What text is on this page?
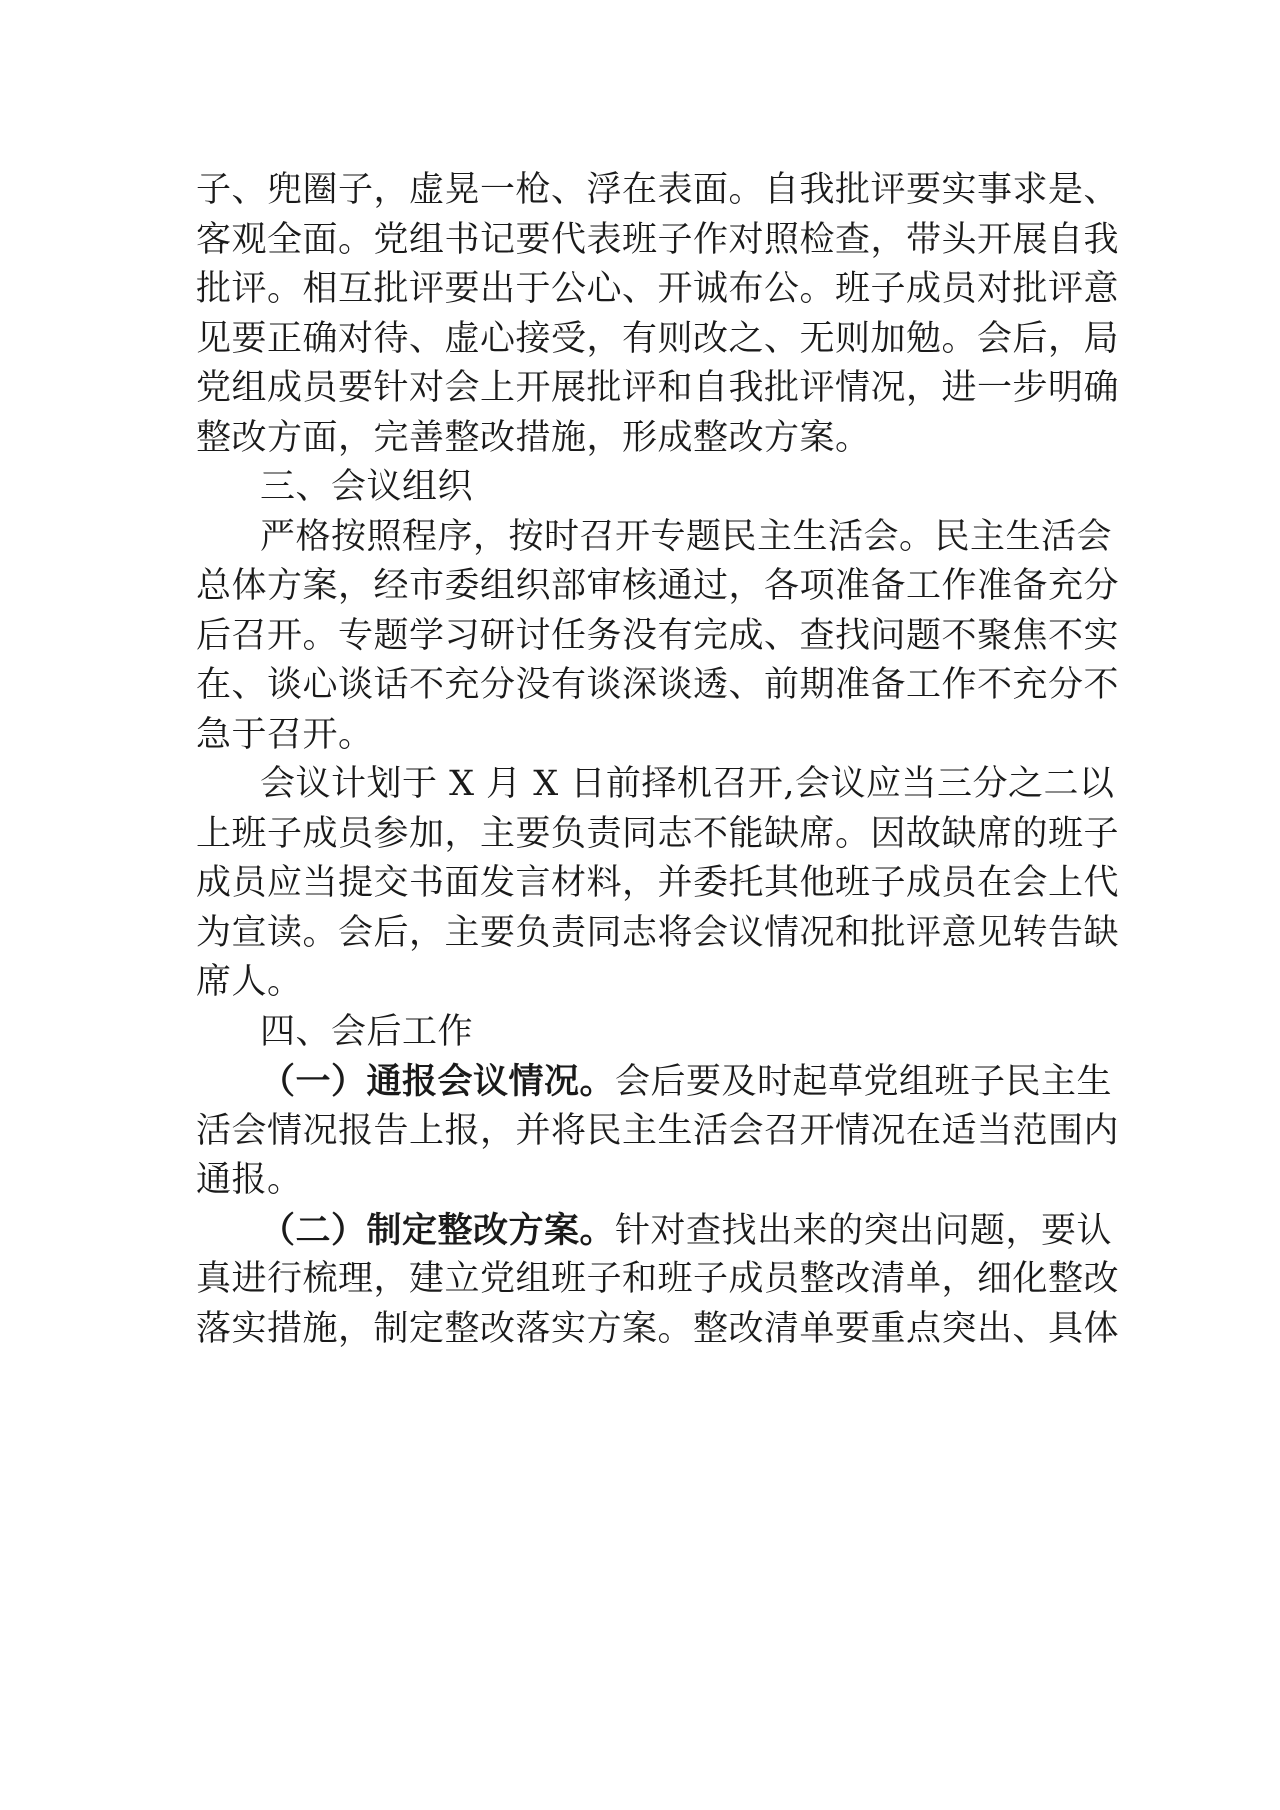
子、兜圈子，虚晃一枪、浮在表面。自我批评要实事求是、
客观全面。党组书记要代表班子作对照检查，带头开展自我
批评。相互批评要出于公心、开诚布公。班子成员对批评意
见要正确对待、虚心接受，有则改之、无则加勉。会后，局
党组成员要针对会上开展批评和自我批评情况，进一步明确
整改方面，完善整改措施，形成整改方案。
三、会议组织
严格按照程序，按时召开专题民主生活会。民主生活会
总体方案，经市委组织部审核通过，各项准备工作准备充分
后召开。专题学习研讨任务没有完成、查找问题不聚焦不实
在、谈心谈话不充分没有谈深谈透、前期准备工作不充分不
急于召开。
会议计划于 X 月 X 日前择机召开,会议应当三分之二以
上班子成员参加，主要负责同志不能缺席。因故缺席的班子
成员应当提交书面发言材料，并委托其他班子成员在会上代
为宣读。会后，主要负责同志将会议情况和批评意见转告缺
席人。
四、会后工作
（一）通报会议情况。会后要及时起草党组班子民主生
活会情况报告上报，并将民主生活会召开情况在适当范围内
通报。
（二）制定整改方案。针对查找出来的突出问题，要认
真进行梳理，建立党组班子和班子成员整改清单，细化整改
落实措施，制定整改落实方案。整改清单要重点突出、具体
